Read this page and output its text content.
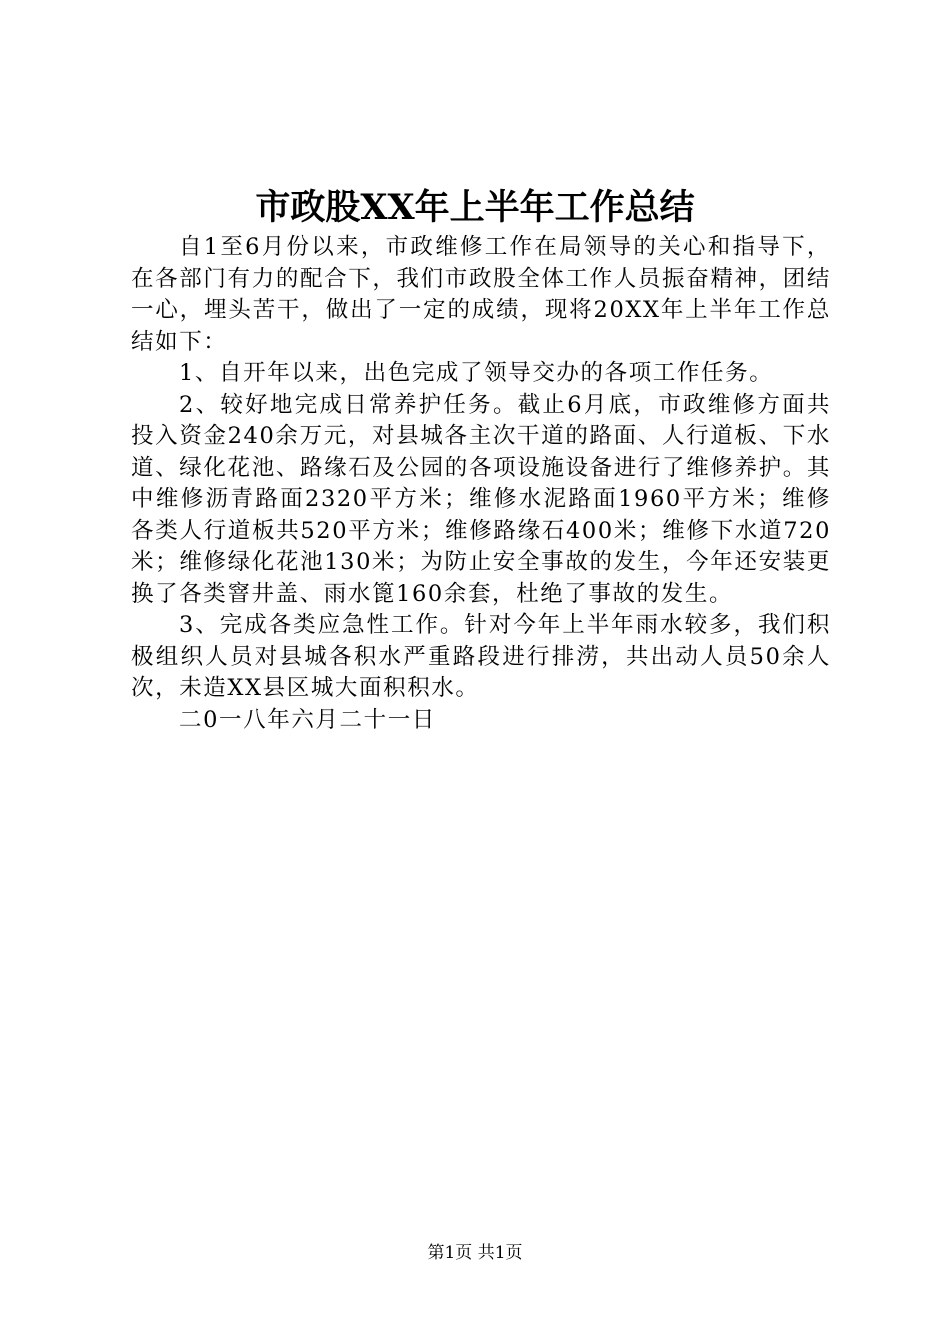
市政股XX年上半年工作总结

自1至6月份以来，市政维修工作在局领导的关心和指导下，在各部门有力的配合下，我们市政股全体工作人员振奋精神，团结一心，埋头苦干，做出了一定的成绩，现将20XX年上半年工作总结如下：

1、自开年以来，出色完成了领导交办的各项工作任务。

2、较好地完成日常养护任务。截止6月底，市政维修方面共投入资金240余万元，对县城各主次干道的路面、人行道板、下水道、绿化花池、路缘石及公园的各项设施设备进行了维修养护。其中维修沥青路面2320平方米；维修水泥路面1960平方米；维修各类人行道板共520平方米；维修路缘石400米；维修下水道720米；维修绿化花池130米；为防止安全事故的发生，今年还安装更换了各类窨井盖、雨水篦160余套，杜绝了事故的发生。

3、完成各类应急性工作。针对今年上半年雨水较多，我们积极组织人员对县城各积水严重路段进行排涝，共出动人员50余人次，未造XX县区城大面积积水。

二0一八年六月二十一日

第1页 共1页
